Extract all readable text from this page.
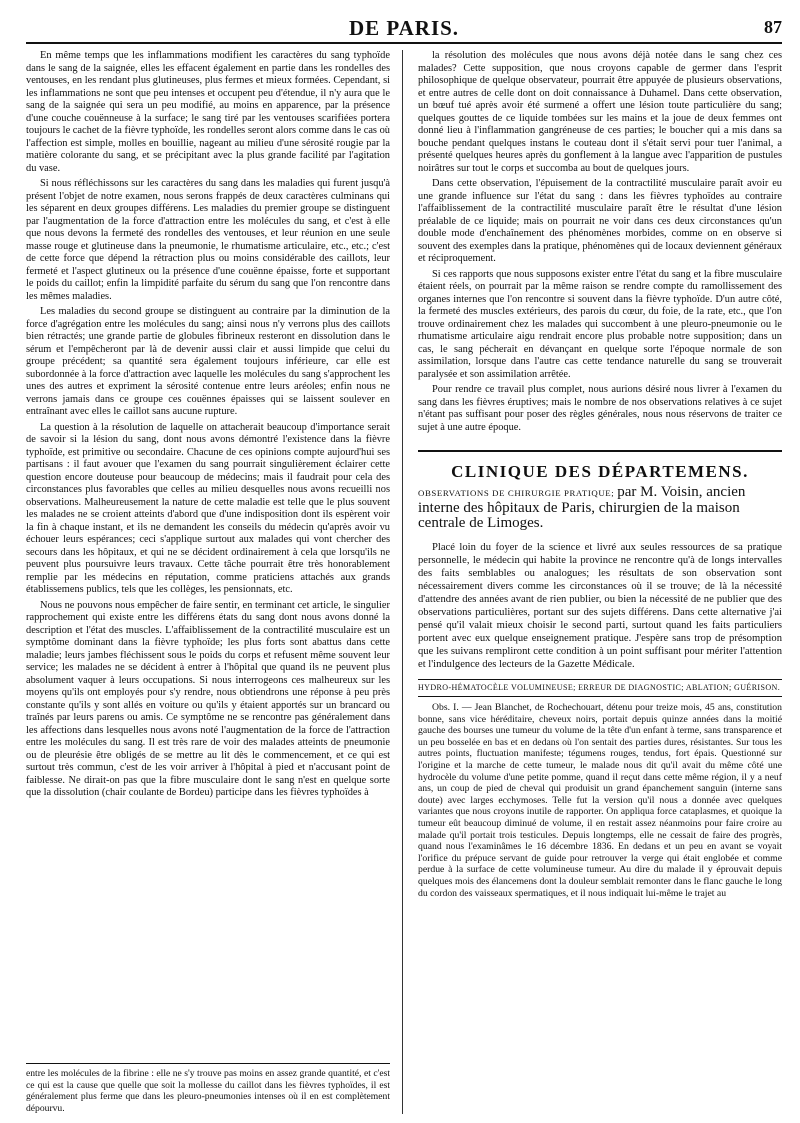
DE PARIS.	87

En même temps que les inflammations modifient les caractères du sang typhoïde dans le sang de la saignée, elles les effacent également en partie dans les rondelles des ventouses, en les rendant plus glutineuses, plus fermes et mieux formées. Cependant, si les inflammations ne sont que peu intenses et occupent peu d'étendue, il n'y aura que le sang de la saignée qui sera un peu modifié, au moins en apparence, par la présence d'une couche couënneuse à la surface; le sang tiré par les ventouses scarifiées portera toujours le cachet de la fièvre typhoïde, les rondelles seront alors comme dans le cas où l'affection est simple, molles en bouillie, nageant au milieu d'une sérosité rougie par la matière colorante du sang, et se précipitant avec la plus grande facilité par l'agitation du vase.

Si nous réfléchissons sur les caractères du sang dans les maladies qui furent jusqu'à présent l'objet de notre examen, nous serons frappés de deux caractères culminans qui les séparent en deux groupes différens. Les maladies du premier groupe se distinguent par l'augmentation de la force d'attraction entre les molécules du sang, et c'est à elle que nous devons la fermeté des rondelles des ventouses, et leur réunion en une seule masse rouge et glutineuse dans la pneumonie, le rhumatisme articulaire, etc., etc.; c'est de cette force que dépend la rétraction plus ou moins considérable des caillots, leur fermeté et l'aspect glutineux ou la présence d'une couënne épaisse, forte et supportant le poids du caillot; enfin la limpidité parfaite du sérum du sang que l'on rencontre dans les mêmes maladies.

Les maladies du second groupe se distinguent au contraire par la diminution de la force d'agrégation entre les molécules du sang; ainsi nous n'y verrons plus des caillots bien rétractés; une grande partie de globules fibrineux resteront en dissolution dans le sérum et l'empêcheront par là de devenir aussi clair et aussi limpide que celui du groupe précédent; sa quantité sera également toujours inférieure, car elle est subordonnée à la force d'attraction avec laquelle les molécules du sang s'approchent les unes des autres et expriment la sérosité contenue entre leurs aréoles; enfin nous ne verrons jamais dans ce groupe ces couënnes épaisses qui se laissent soulever en entraînant avec elles le caillot sans aucune rupture.

La question à la résolution de laquelle on attacherait beaucoup d'importance serait de savoir si la lésion du sang, dont nous avons démontré l'existence dans la fièvre typhoïde, est primitive ou secondaire. Chacune de ces opinions compte aujourd'hui ses partisans : il faut avouer que l'examen du sang pourrait singulièrement éclairer cette question encore douteuse pour beaucoup de médecins; mais il faudrait pour cela des circonstances plus favorables que celles au milieu desquelles nous avons recueilli nos observations. Malheureusement la nature de cette maladie est telle que le plus souvent les malades ne se croient atteints d'abord que d'une indisposition dont ils espèrent voir la fin à chaque instant, et ils ne demandent les conseils du médecin qu'après avoir vu échouer leurs espérances; ceci s'applique surtout aux malades qui vont chercher des secours dans les hôpitaux, et qui ne se décident ordinairement à cela que lorsqu'ils ne peuvent plus poursuivre leurs travaux. Cette tâche pourrait être très honorablement remplie par les médecins en réputation, comme praticiens attachés aux grands établissemens publics, tels que les collèges, les pensionnats, etc.

Nous ne pouvons nous empêcher de faire sentir, en terminant cet article, le singulier rapprochement qui existe entre les différens états du sang dont nous avons donné la description et l'état des muscles. L'affaiblissement de la contractilité musculaire est un symptôme dominant dans la fièvre typhoïde; les plus forts sont abattus dans cette maladie; leurs jambes fléchissent sous le poids du corps et refusent même souvent leur service; les malades ne se décident à entrer à l'hôpital que quand ils ne peuvent plus absolument vaquer à leurs occupations. Si nous interrogeons ces malheureux sur les moyens qu'ils ont employés pour s'y rendre, nous obtiendrons une réponse à peu près constante qu'ils y sont allés en voiture ou qu'ils y étaient apportés sur un brancard ou traînés par leurs parens ou amis. Ce symptôme ne se rencontre pas généralement dans les affections dans lesquelles nous avons noté l'augmentation de la force de l'attraction entre les molécules du sang. Il est très rare de voir des malades atteints de pneumonie ou de pleurésie être obligés de se mettre au lit dès le commencement, et ce qui est surtout très commun, c'est de les voir arriver à l'hôpital à pied et n'accusant point de faiblesse. Ne dirait-on pas que la fibre musculaire dont le sang n'est en quelque sorte que la dissolution (chair coulante de Bordeu) participe dans les fièvres typhoïdes à

entre les molécules de la fibrine : elle ne s'y trouve pas moins en assez grande quantité, et c'est ce qui est la cause que quelle que soit la mollesse du caillot dans les fièvres typhoïdes, il est généralement plus ferme que dans les pleuro-pneumonies intenses où il en est complètement dépourvu.

la résolution des molécules que nous avons déjà notée dans le sang chez ces malades? Cette supposition, que nous croyons capable de germer dans l'esprit philosophique de quelque observateur, pourrait être appuyée de plusieurs observations, et entre autres de celle dont on doit connaissance à Duhamel. Dans cette observation, un bœuf tué après avoir été surmené a offert une lésion toute particulière du sang; quelques gouttes de ce liquide tombées sur les mains et la joue de deux femmes ont donné lieu à l'inflammation gangréneuse de ces parties; le boucher qui a mis dans sa bouche pendant quelques instans le couteau dont il s'était servi pour tuer l'animal, a présenté quelques heures après du gonflement à la langue avec l'apparition de pustules noirâtres sur tout le corps et succomba au bout de quelques jours.

Dans cette observation, l'épuisement de la contractilité musculaire paraît avoir eu une grande influence sur l'état du sang : dans les fièvres typhoïdes au contraire l'affaiblissement de la contractilité musculaire paraît être le résultat d'une lésion préalable de ce liquide; mais on pourrait ne voir dans ces deux circonstances qu'un double mode d'enchaînement des phénomènes morbides, comme on en observe si souvent des exemples dans la pratique, phénomènes qui de locaux deviennent généraux et réciproquement.

Si ces rapports que nous supposons exister entre l'état du sang et la fibre musculaire étaient réels, on pourrait par la même raison se rendre compte du ramollissement des organes internes que l'on rencontre si souvent dans la fièvre typhoïde. D'un autre côté, la fermeté des muscles extérieurs, des parois du cœur, du foie, de la rate, etc., que l'on trouve ordinairement chez les malades qui succombent à une pleuro-pneumonie ou le rhumatisme articulaire aigu rendrait encore plus probable notre supposition; dans un cas, le sang pécherait en dévançant en quelque sorte l'époque normale de son assimilation, lorsque dans l'autre cas cette tendance naturelle du sang se trouverait paralysée et son assimilation arrêtée.

Pour rendre ce travail plus complet, nous aurions désiré nous livrer à l'examen du sang dans les fièvres éruptives; mais le nombre de nos observations relatives à ce sujet n'étant pas suffisant pour poser des règles générales, nous nous réservons de traiter ce sujet à une autre époque.

CLINIQUE DES DÉPARTEMENS.
OBSERVATIONS DE CHIRURGIE PRATIQUE; par M. Voisin, ancien interne des hôpitaux de Paris, chirurgien de la maison centrale de Limoges.

Placé loin du foyer de la science et livré aux seules ressources de sa pratique personnelle, le médecin qui habite la province ne rencontre qu'à de longs intervalles des faits semblables ou analogues; les résultats de son observation sont nécessairement divers comme les circonstances où il se trouve; de là la nécessité d'attendre des années avant de rien publier, ou bien la nécessité de ne publier que des observations particulières, portant sur des sujets différens. Dans cette alternative j'ai pensé qu'il valait mieux choisir le second parti, surtout quand les faits particuliers portent avec eux quelque enseignement pratique. J'espère sans trop de présomption que les suivans rempliront cette condition à un point suffisant pour mériter l'attention et l'indulgence des lecteurs de la Gazette Médicale.

HYDRO-HÉMATOCÈLE VOLUMINEUSE; ERREUR DE DIAGNOSTIC; ABLATION; GUÉRISON.

Obs. I. — Jean Blanchet, de Rochechouart, détenu pour treize mois, 45 ans, constitution bonne, sans vice héréditaire, cheveux noirs, portait depuis quinze années dans la moitié gauche des bourses une tumeur du volume de la tête d'un enfant à terme, sans transparence et un peu bosselée en bas et en dedans où l'on sentait des parties dures, résistantes. Sur tous les autres points, fluctuation manifeste; tégumens rouges, tendus, fort épais. Questionné sur l'origine et la marche de cette tumeur, le malade nous dit qu'il avait du même côté une hydrocèle du volume d'une petite pomme, quand il reçut dans cette même région, il y a neuf ans, un coup de pied de cheval qui produisit un grand épanchement sanguin (interne sans doute) avec larges ecchymoses. Telle fut la version qu'il nous a donnée avec quelques variantes que nous croyons inutile de rapporter. On appliqua force cataplasmes, et quoique la tumeur eût beaucoup diminué de volume, il en restait assez néanmoins pour faire croire au malade qu'il portait trois testicules. Depuis longtemps, elle ne cessait de faire des progrès, quand nous l'examinâmes le 16 décembre 1836. En dedans et un peu en avant se voyait l'orifice du prépuce servant de guide pour retrouver la verge qui était englobée et comme perdue à la surface de cette volumineuse tumeur. Au dire du malade il y éprouvait depuis quelques mois des élancemens dont la douleur semblait remonter dans le flanc gauche le long du cordon des vaisseaux spermatiques, et il nous indiquait lui-même le trajet au
